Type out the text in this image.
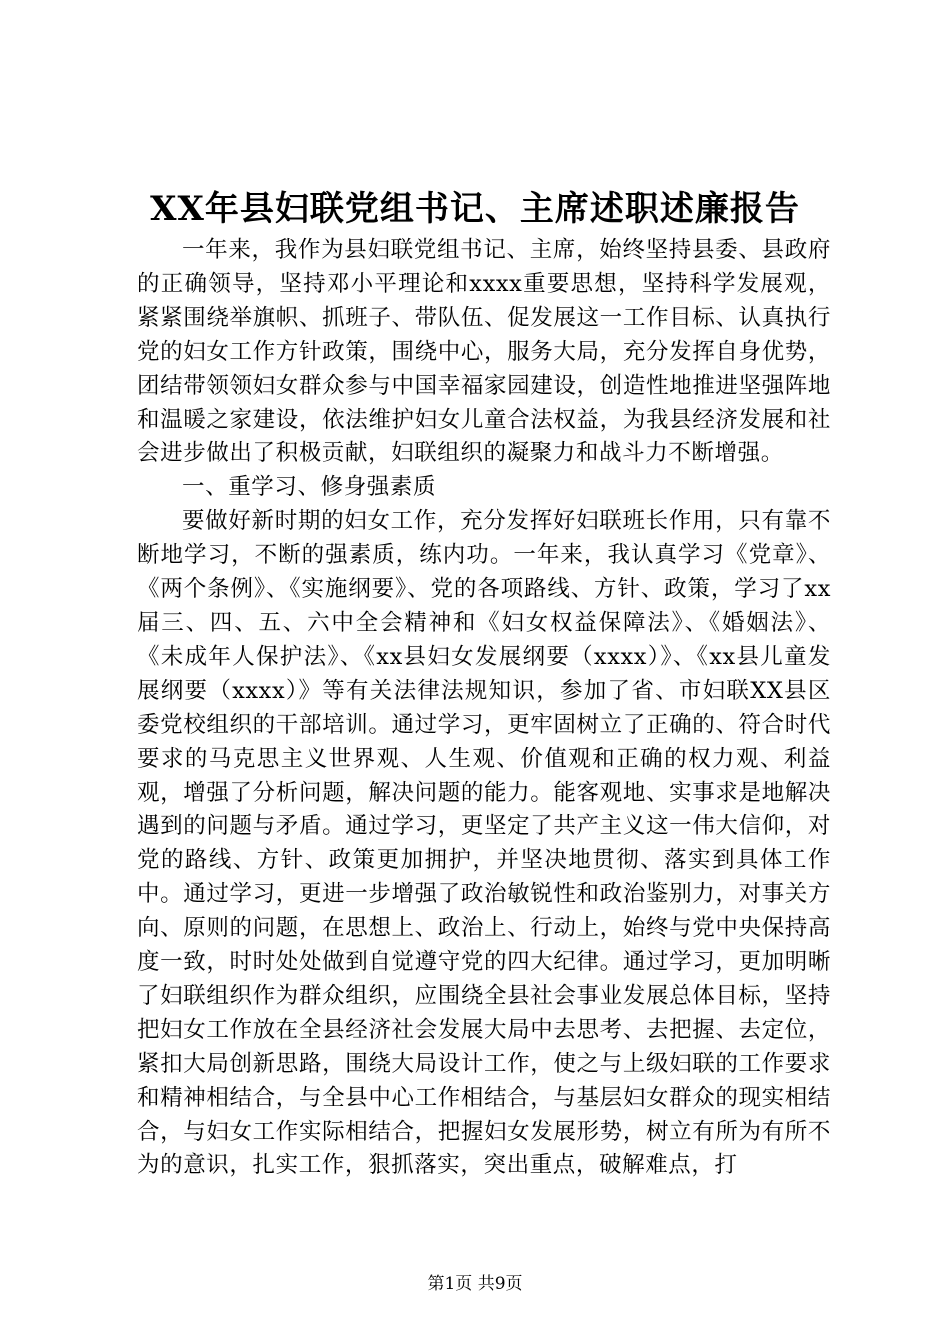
XX年县妇联党组书记、主席述职述廉报告

一年来，我作为县妇联党组书记、主席，始终坚持县委、县政府的正确领导，坚持邓小平理论和xxxx重要思想，坚持科学发展观，紧紧围绕举旗帜、抓班子、带队伍、促发展这一工作目标、认真执行党的妇女工作方针政策，围绕中心，服务大局，充分发挥自身优势，团结带领领妇女群众参与中国幸福家园建设，创造性地推进坚强阵地和温暖之家建设，依法维护妇女儿童合法权益，为我县经济发展和社会进步做出了积极贡献，妇联组织的凝聚力和战斗力不断增强。

一、重学习、修身强素质

要做好新时期的妇女工作，充分发挥好妇联班长作用，只有靠不断地学习，不断的强素质，练内功。一年来，我认真学习《党章》、《两个条例》、《实施纲要》、党的各项路线、方针、政策，学习了xx届三、四、五、六中全会精神和《妇女权益保障法》、《婚姻法》、《未成年人保护法》、《xx县妇女发展纲要（xxxx）》、《xx县儿童发展纲要（xxxx）》等有关法律法规知识，参加了省、市妇联XX县区委党校组织的干部培训。通过学习，更牢固树立了正确的、符合时代要求的马克思主义世界观、人生观、价值观和正确的权力观、利益观，增强了分析问题，解决问题的能力。能客观地、实事求是地解决遇到的问题与矛盾。通过学习，更坚定了共产主义这一伟大信仰，对党的路线、方针、政策更加拥护，并坚决地贯彻、落实到具体工作中。通过学习，更进一步增强了政治敏锐性和政治鉴别力，对事关方向、原则的问题，在思想上、政治上、行动上，始终与党中央保持高度一致，时时处处做到自觉遵守党的四大纪律。通过学习，更加明晰了妇联组织作为群众组织，应围绕全县社会事业发展总体目标，坚持把妇女工作放在全县经济社会发展大局中去思考、去把握、去定位，紧扣大局创新思路，围绕大局设计工作，使之与上级妇联的工作要求和精神相结合，与全县中心工作相结合，与基层妇女群众的现实相结合，与妇女工作实际相结合，把握妇女发展形势，树立有所为有所不为的意识，扎实工作，狠抓落实，突出重点，破解难点，打

第1页 共9页
